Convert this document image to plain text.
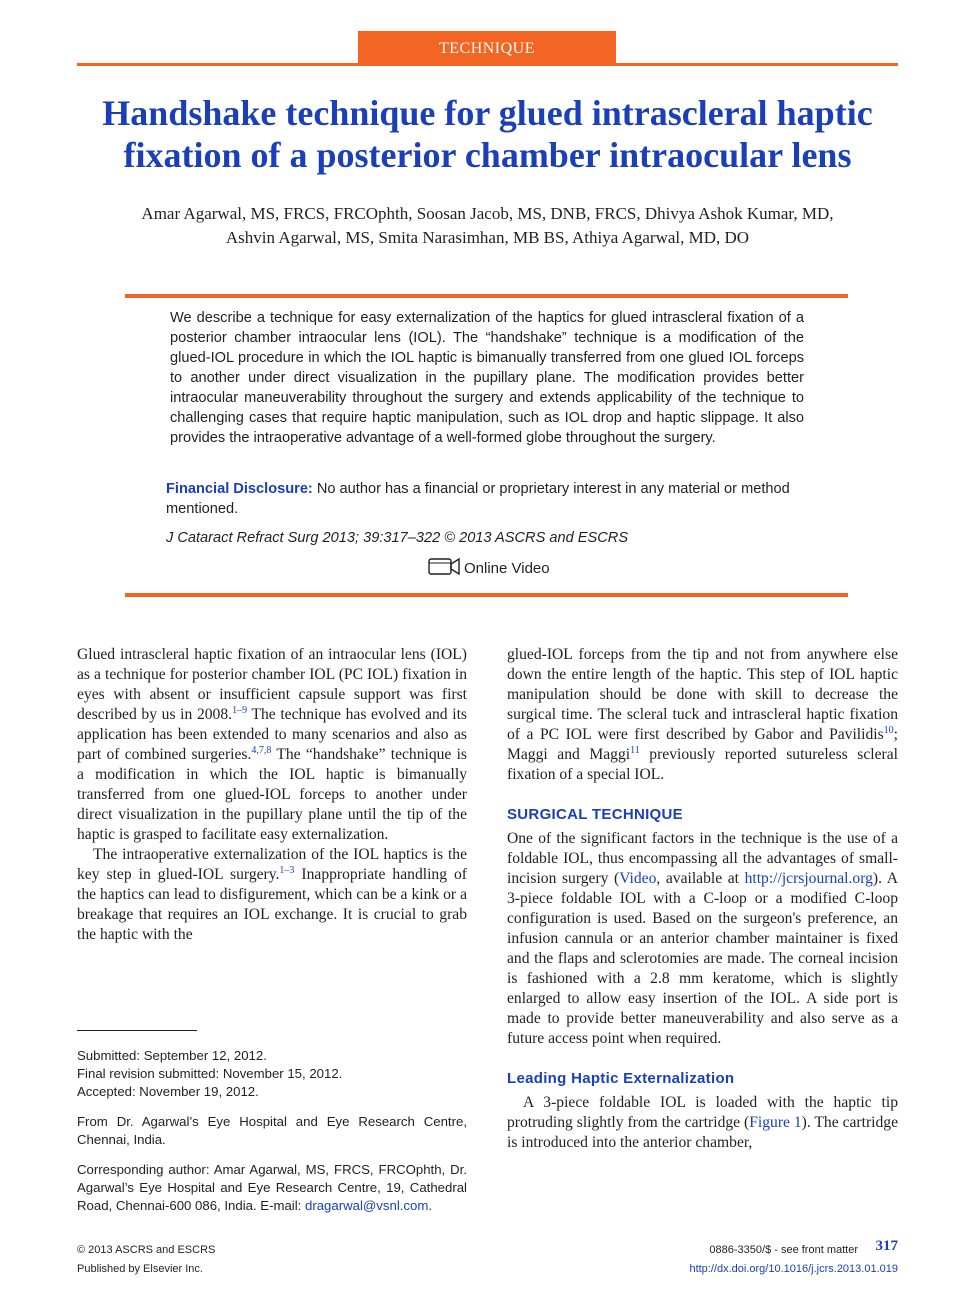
TECHNIQUE
Handshake technique for glued intrascleral haptic fixation of a posterior chamber intraocular lens
Amar Agarwal, MS, FRCS, FRCOphth, Soosan Jacob, MS, DNB, FRCS, Dhivya Ashok Kumar, MD,
Ashvin Agarwal, MS, Smita Narasimhan, MB BS, Athiya Agarwal, MD, DO
We describe a technique for easy externalization of the haptics for glued intrascleral fixation of a posterior chamber intraocular lens (IOL). The “handshake” technique is a modification of the glued-IOL procedure in which the IOL haptic is bimanually transferred from one glued IOL forceps to another under direct visualization in the pupillary plane. The modification provides better intraocular maneuverability throughout the surgery and extends applicability of the technique to challenging cases that require haptic manipulation, such as IOL drop and haptic slippage. It also provides the intraoperative advantage of a well-formed globe throughout the surgery.
Financial Disclosure: No author has a financial or proprietary interest in any material or method mentioned.
J Cataract Refract Surg 2013; 39:317–322 © 2013 ASCRS and ESCRS
Online Video

Glued intrascleral haptic fixation of an intraocular lens (IOL) as a technique for posterior chamber IOL (PC IOL) fixation in eyes with absent or insufficient capsule support was first described by us in 2008.$^{1-9}$ The technique has evolved and its application has been extended to many scenarios and also as part of combined surgeries.$^{4,7,8}$ The “handshake” technique is a modification in which the IOL haptic is bimanually transferred from one glued-IOL forceps to another under direct visualization in the pupillary plane until the tip of the haptic is grasped to facilitate easy externalization.

The intraoperative externalization of the IOL haptics is the key step in glued-IOL surgery.$^{1-3}$ Inappropriate handling of the haptics can lead to disfigurement, which can be a kink or a breakage that requires an IOL exchange. It is crucial to grab the haptic with the

Submitted: September 12, 2012.

Final revision submitted: November 15, 2012.

Accepted: November 19, 2012.

From Dr. Agarwal’s Eye Hospital and Eye Research Centre, Chennai, India.
Corresponding author: Amar Agarwal, MS, FRCS, FRCOphth, Dr. Agarwal’s Eye Hospital and Eye Research Centre, 19, Cathedral Road, Chennai-600 086, India. E-mail: dragarwal@vsnl.com.

glued-IOL forceps from the tip and not from anywhere else down the entire length of the haptic. This step of IOL haptic manipulation should be done with skill to decrease the surgical time. The scleral tuck and intrascleral haptic fixation of a PC IOL were first described by Gabor and Pavilidis$^{10}$; Maggi and Maggi$^{11}$ previously reported sutureless scleral fixation of a special IOL.

SURGICAL TECHNIQUE

One of the significant factors in the technique is the use of a foldable IOL, thus encompassing all the advantages of small-incision surgery (Video, available at http://jcrsjournal.org). A 3-piece foldable IOL with a C-loop or a modified C-loop configuration is used. Based on the surgeon's preference, an infusion cannula or an anterior chamber maintainer is fixed and the flaps and sclerotomies are made. The corneal incision is fashioned with a 2.8 mm keratome, which is slightly enlarged to allow easy insertion of the IOL. A side port is made to provide better maneuverability and also serve as a future access point when required.

Leading Haptic Externalization

A 3-piece foldable IOL is loaded with the haptic tip protruding slightly from the cartridge (Figure 1). The cartridge is introduced into the anterior chamber,

© 2013 ASCRS and ESCRS
Published by Elsevier Inc.
0886-3350/$ - see front matter 317
http://dx.doi.org/10.1016/j.jcrs.2013.01.019
